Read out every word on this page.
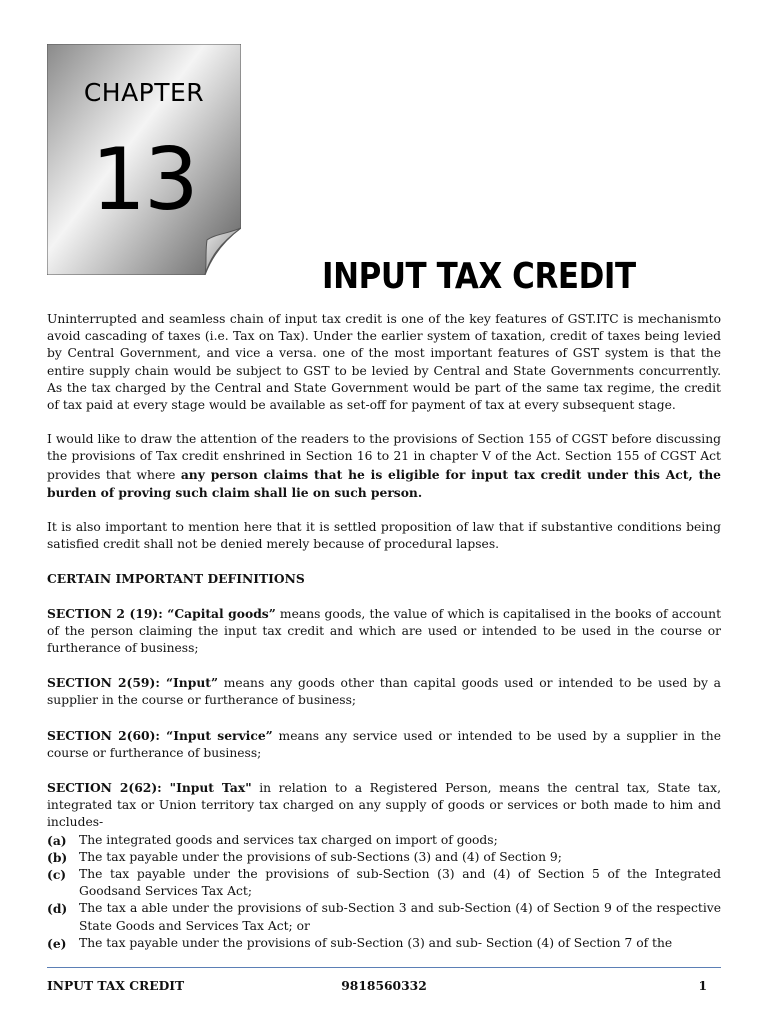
CHAPTER
13
INPUT TAX CREDIT

Uninterrupted and seamless chain of input tax credit is one of the key features of GST.ITC is mechanismto avoid cascading of taxes (i.e. Tax on Tax). Under the earlier system of taxation, credit of taxes being levied by Central Government, and vice a versa. one of the most important features of GST system is that the entire supply chain would be subject to GST to be levied by Central and State Governments concurrently. As the tax charged by the Central and State Government would be part of the same tax regime, the credit of tax paid at every stage would be available as set-off for payment of tax at every subsequent stage.

I would like to draw the attention of the readers to the provisions of Section 155 of CGST before discussing the provisions of Tax credit enshrined in Section 16 to 21 in chapter V of the Act. Section 155 of CGST Act provides that where any person claims that he is eligible for input tax credit under this Act, the burden of proving such claim shall lie on such person.

It is also important to mention here that it is settled proposition of law that if substantive conditions being satisfied credit shall not be denied merely because of procedural lapses.

CERTAIN IMPORTANT DEFINITIONS

SECTION 2 (19): “Capital goods” means goods, the value of which is capitalised in the books of account of the person claiming the input tax credit and which are used or intended to be used in the course or furtherance of business;

SECTION 2(59): “Input” means any goods other than capital goods used or intended to be used by a supplier in the course or furtherance of business;

SECTION 2(60): “Input service” means any service used or intended to be used by a supplier in the course or furtherance of business;

SECTION 2(62): "Input Tax" in relation to a Registered Person, means the central tax, State tax, integrated tax or Union territory tax charged on any supply of goods or services or both made to him and includes-

(a)	The integrated goods and services tax charged on import of goods;
(b) The tax payable under the provisions of sub-Sections (3) and (4) of Section 9;
(c)	The tax payable under the provisions of sub-Section (3) and (4) of Section 5 of the Integrated Goodsand Services Tax Act;
(d) The tax a able under the provisions of sub-Section 3 and sub-Section (4) of Section 9 of the respective State Goods and Services Tax Act; or
(e)	The tax payable under the provisions of sub-Section (3) and sub- Section (4) of Section 7 of the
INPUT TAX CREDIT	9818560332	1
